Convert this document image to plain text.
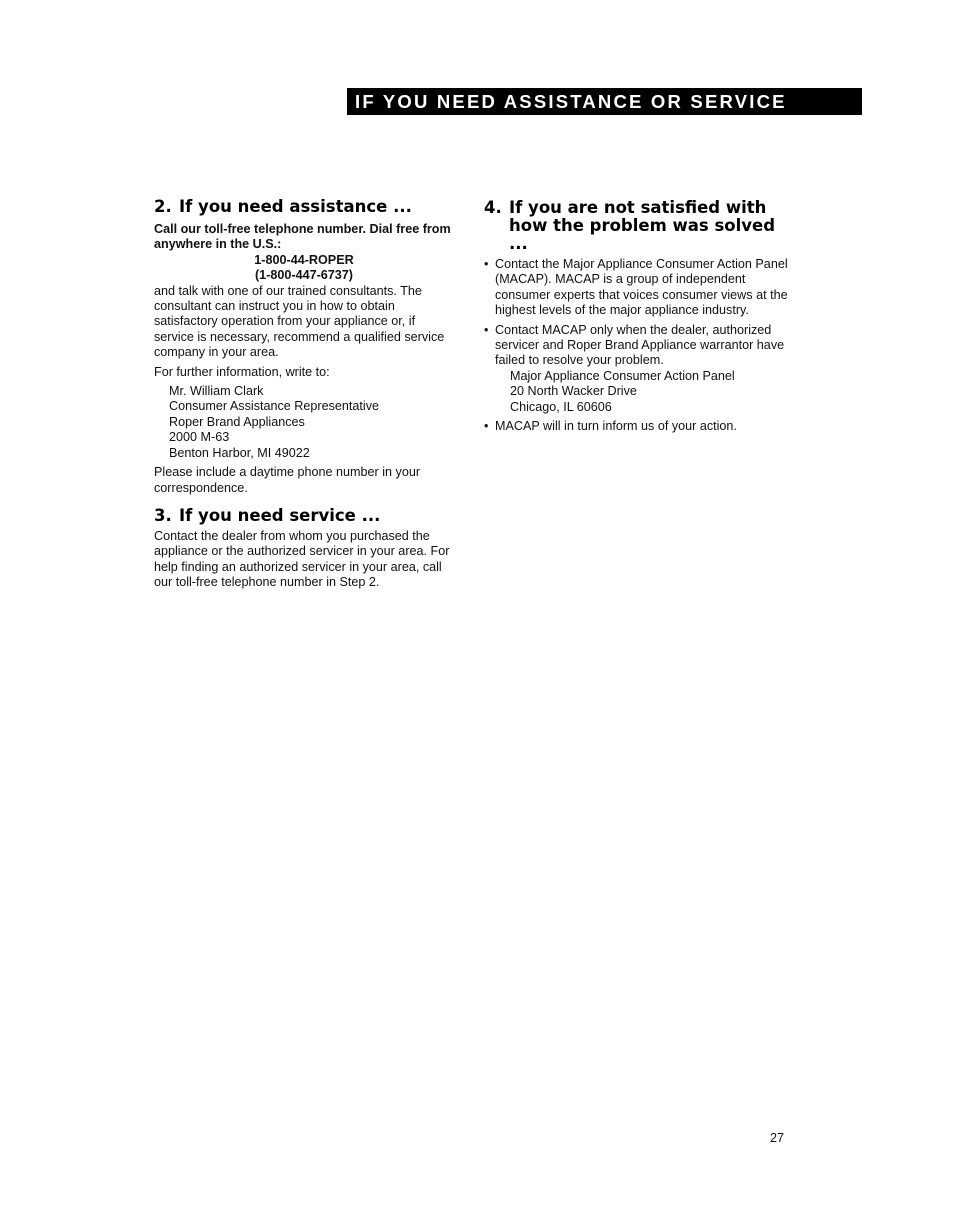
IF YOU NEED ASSISTANCE OR SERVICE
2. If you need assistance ...

Call our toll-free telephone number. Dial free from anywhere in the U.S.:

1-800-44-ROPER

(1-800-447-6737)

and talk with one of our trained consultants. The consultant can instruct you in how to obtain satisfactory operation from your appliance or, if service is necessary, recommend a qualified service company in your area.

For further information, write to:

Mr. William Clark

Consumer Assistance Representative

Roper Brand Appliances

2000 M-63

Benton Harbor, MI 49022

Please include a daytime phone number in your correspondence.

3. If you need service ...

Contact the dealer from whom you purchased the appliance or the authorized servicer in your area. For help finding an authorized servicer in your area, call our toll-free telephone number in Step 2.

4. If you are not satisfied with how the problem was solved ...
• Contact the Major Appliance Consumer Action Panel (MACAP). MACAP is a group of independent consumer experts that voices consumer views at the highest levels of the major appliance industry.
• Contact MACAP only when the dealer, authorized servicer and Roper Brand Appliance warrantor have failed to resolve your problem.

Major Appliance Consumer Action Panel

20 North Wacker Drive

Chicago, IL 60606

• MACAP will in turn inform us of your action.
27
